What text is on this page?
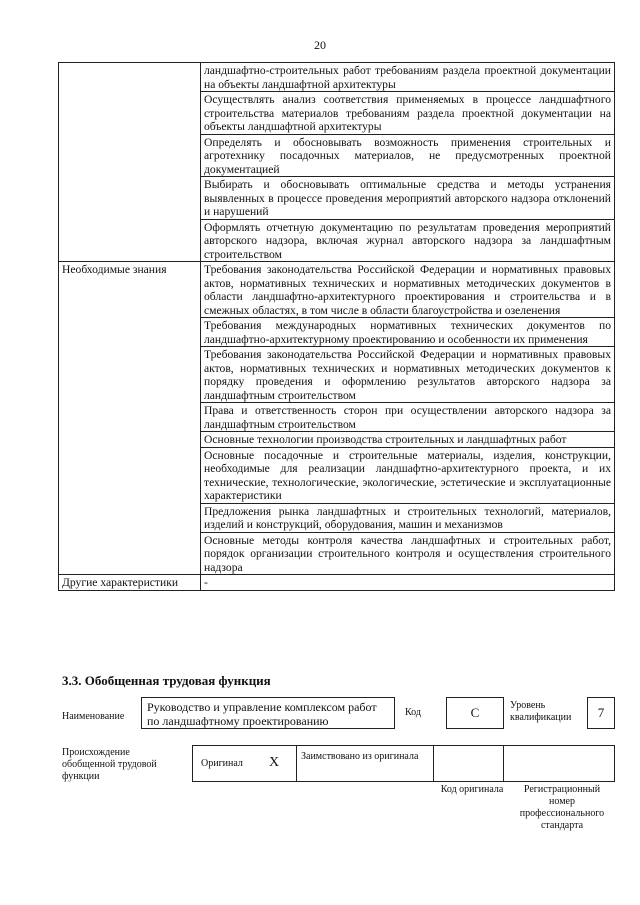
20
	ландшафтно-строительных работ требованиям раздела проектной документации на объекты ландшафтной архитектуры
	Осуществлять анализ соответствия применяемых в процессе ландшафтного строительства материалов требованиям раздела проектной документации на объекты ландшафтной архитектуры
	Определять и обосновывать возможность применения строительных и агротехнику посадочных материалов, не предусмотренных проектной документацией
	Выбирать и обосновывать оптимальные средства и методы устранения выявленных в процессе проведения мероприятий авторского надзора отклонений и нарушений
	Оформлять отчетную документацию по результатам проведения мероприятий авторского надзора, включая журнал авторского надзора за ландшафтным строительством
Необходимые знания	Требования законодательства Российской Федерации и нормативных правовых актов, нормативных технических и нормативных методических документов в области ландшафтно-архитектурного проектирования и строительства и в смежных областях, в том числе в области благоустройства и озеленения
	Требования международных нормативных технических документов по ландшафтно-архитектурному проектированию и особенности их применения
	Требования законодательства Российской Федерации и нормативных правовых актов, нормативных технических и нормативных методических документов к порядку проведения и оформлению результатов авторского надзора за ландшафтным строительством
	Права и ответственность сторон при осуществлении авторского надзора за ландшафтным строительством
	Основные технологии производства строительных и ландшафтных работ
	Основные посадочные и строительные материалы, изделия, конструкции, необходимые для реализации ландшафтно-архитектурного проекта, и их технические, технологические, экологические, эстетические и эксплуатационные характеристики
	Предложения рынка ландшафтных и строительных технологий, материалов, изделий и конструкций, оборудования, машин и механизмов
	Основные методы контроля качества ландшафтных и строительных работ, порядок организации строительного контроля и осуществления строительного надзора
Другие характеристики	-
3.3. Обобщенная трудовая функция
Наименование
Руководство и управление комплексом работ по ландшафтному проектированию
Код	C	Уровень квалификации	7
Происхождение обобщенной трудовой функции
Оригинал X Заимствовано из оригинала
Код оригинала	Регистрационный номер профессионального стандарта
